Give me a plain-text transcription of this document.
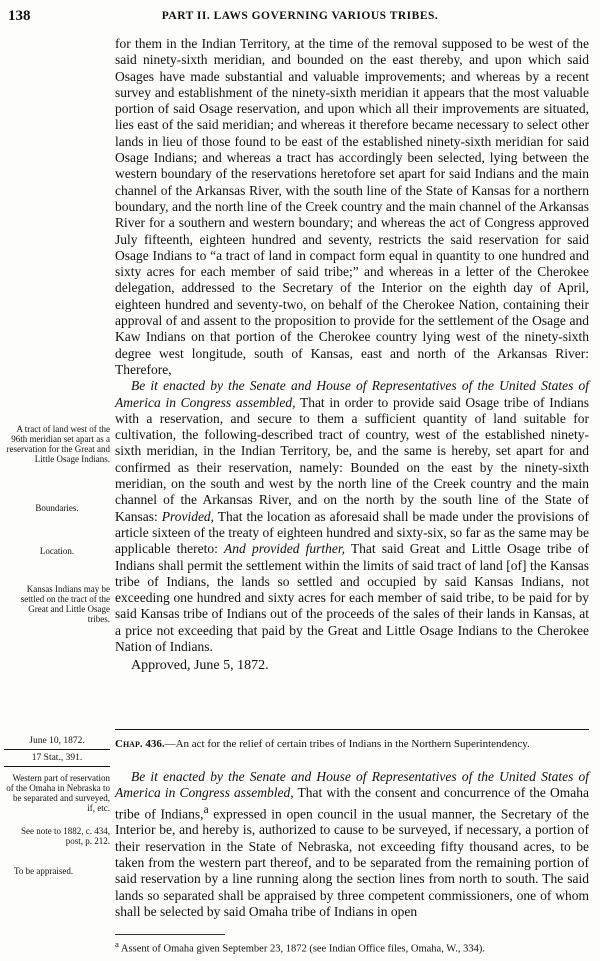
138	PART II. LAWS GOVERNING VARIOUS TRIBES.

for them in the Indian Territory, at the time of the removal supposed to be west of the said ninety-sixth meridian, and bounded on the east thereby, and upon which said Osages have made substantial and valuable improvements; and whereas by a recent survey and establishment of the ninety-sixth meridian it appears that the most valuable portion of said Osage reservation, and upon which all their improvements are situated, lies east of the said meridian; and whereas it therefore became necessary to select other lands in lieu of those found to be east of the established ninety-sixth meridian for said Osage Indians; and whereas a tract has accordingly been selected, lying between the western boundary of the reservations heretofore set apart for said Indians and the main channel of the Arkansas River, with the south line of the State of Kansas for a northern boundary, and the north line of the Creek country and the main channel of the Arkansas River for a southern and western boundary; and whereas the act of Congress approved July fifteenth, eighteen hundred and seventy, restricts the said reservation for said Osage Indians to “a tract of land in compact form equal in quantity to one hundred and sixty acres for each member of said tribe;” and whereas in a letter of the Cherokee delegation, addressed to the Secretary of the Interior on the eighth day of April, eighteen hundred and seventy-two, on behalf of the Cherokee Nation, containing their approval of and assent to the proposition to provide for the settlement of the Osage and Kaw Indians on that portion of the Cherokee country lying west of the ninety-sixth degree west longitude, south of Kansas, east and north of the Arkansas River: Therefore,

Be it enacted by the Senate and House of Representatives of the United States of America in Congress assembled, That in order to provide said Osage tribe of Indians with a reservation, and secure to them a sufficient quantity of land suitable for cultivation, the following-described tract of country, west of the established ninety-sixth meridian, in the Indian Territory, be, and the same is hereby, set apart for and confirmed as their reservation, namely: Bounded on the east by the ninety-sixth meridian, on the south and west by the north line of the Creek country and the main channel of the Arkansas River, and on the north by the south line of the State of Kansas: Provided, That the location as aforesaid shall be made under the provisions of article sixteen of the treaty of eighteen hundred and sixty-six, so far as the same may be applicable thereto: And provided further, That said Great and Little Osage tribe of Indians shall permit the settlement within the limits of said tract of land [of] the Kansas tribe of Indians, the lands so settled and occupied by said Kansas Indians, not exceeding one hundred and sixty acres for each member of said tribe, to be paid for by said Kansas tribe of Indians out of the proceeds of the sales of their lands in Kansas, at a price not exceeding that paid by the Great and Little Osage Indians to the Cherokee Nation of Indians.

Approved, June 5, 1872.

Chap. 436.—An act for the relief of certain tribes of Indians in the Northern Superintendency.

Be it enacted by the Senate and House of Representatives of the United States of America in Congress assembled, That with the consent and concurrence of the Omaha tribe of Indians,$^a$ expressed in open council in the usual manner, the Secretary of the Interior be, and hereby is, authorized to cause to be surveyed, if necessary, a portion of their reservation in the State of Nebraska, not exceeding fifty thousand acres, to be taken from the western part thereof, and to be separated from the remaining portion of said reservation by a line running along the section lines from north to south. The said lands so separated shall be appraised by three competent commissioners, one of whom shall be selected by said Omaha tribe of Indians in open

$^a$ Assent of Omaha given September 23, 1872 (see Indian Office files, Omaha, W., 334).

A tract of land west of the 96th meridian set apart as a reservation for the Great and Little Osage Indians.

Boundaries.

Location.

Kansas Indians may be settled on the tract of the Great and Little Osage tribes.

June 10, 1872.
17 Stat., 391.

Western part of reservation of the Omaha in Nebraska to be separated and surveyed, if, etc.

See note to 1882, c. 434, post, p. 212.

To be appraised.
